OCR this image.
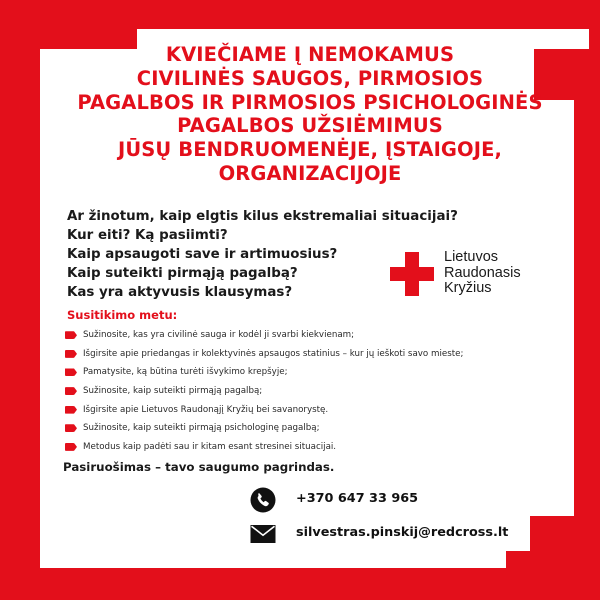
KVIEČIAME Į NEMOKAMUS
CIVILINĖS SAUGOS, PIRMOSIOS
PAGALBOS IR PIRMOSIOS PSICHOLOGINĖS
PAGALBOS UŽSIĖMIMUS
JŪSŲ BENDRUOMENĖJE, ĮSTAIGOJE,
ORGANIZACIJOJE
Ar žinotum, kaip elgtis kilus ekstremaliai situacijai?
Kur eiti? Ką pasiimti?
Kaip apsaugoti save ir artimuosius?
Kaip suteikti pirmąją pagalbą?
Kas yra aktyvusis klausymas?
Lietuvos
Raudonasis
Kryžius
Susitikimo metu:
Sužinosite, kas yra civilinė sauga ir kodėl ji svarbi kiekvienam;
Išgirsite apie priedangas ir kolektyvinės apsaugos statinius – kur jų ieškoti savo mieste;
Pamatysite, ką būtina turėti išvykimo krepšyje;
Sužinosite, kaip suteikti pirmąją pagalbą;
Išgirsite apie Lietuvos Raudonąjį Kryžių bei savanorystę.
Sužinosite, kaip suteikti pirmąją psichologinę pagalbą;
Metodus kaip padėti sau ir kitam esant stresinei situacijai.
Pasiruošimas – tavo saugumo pagrindas.
+370 647 33 965
silvestras.pinskij@redcross.lt
